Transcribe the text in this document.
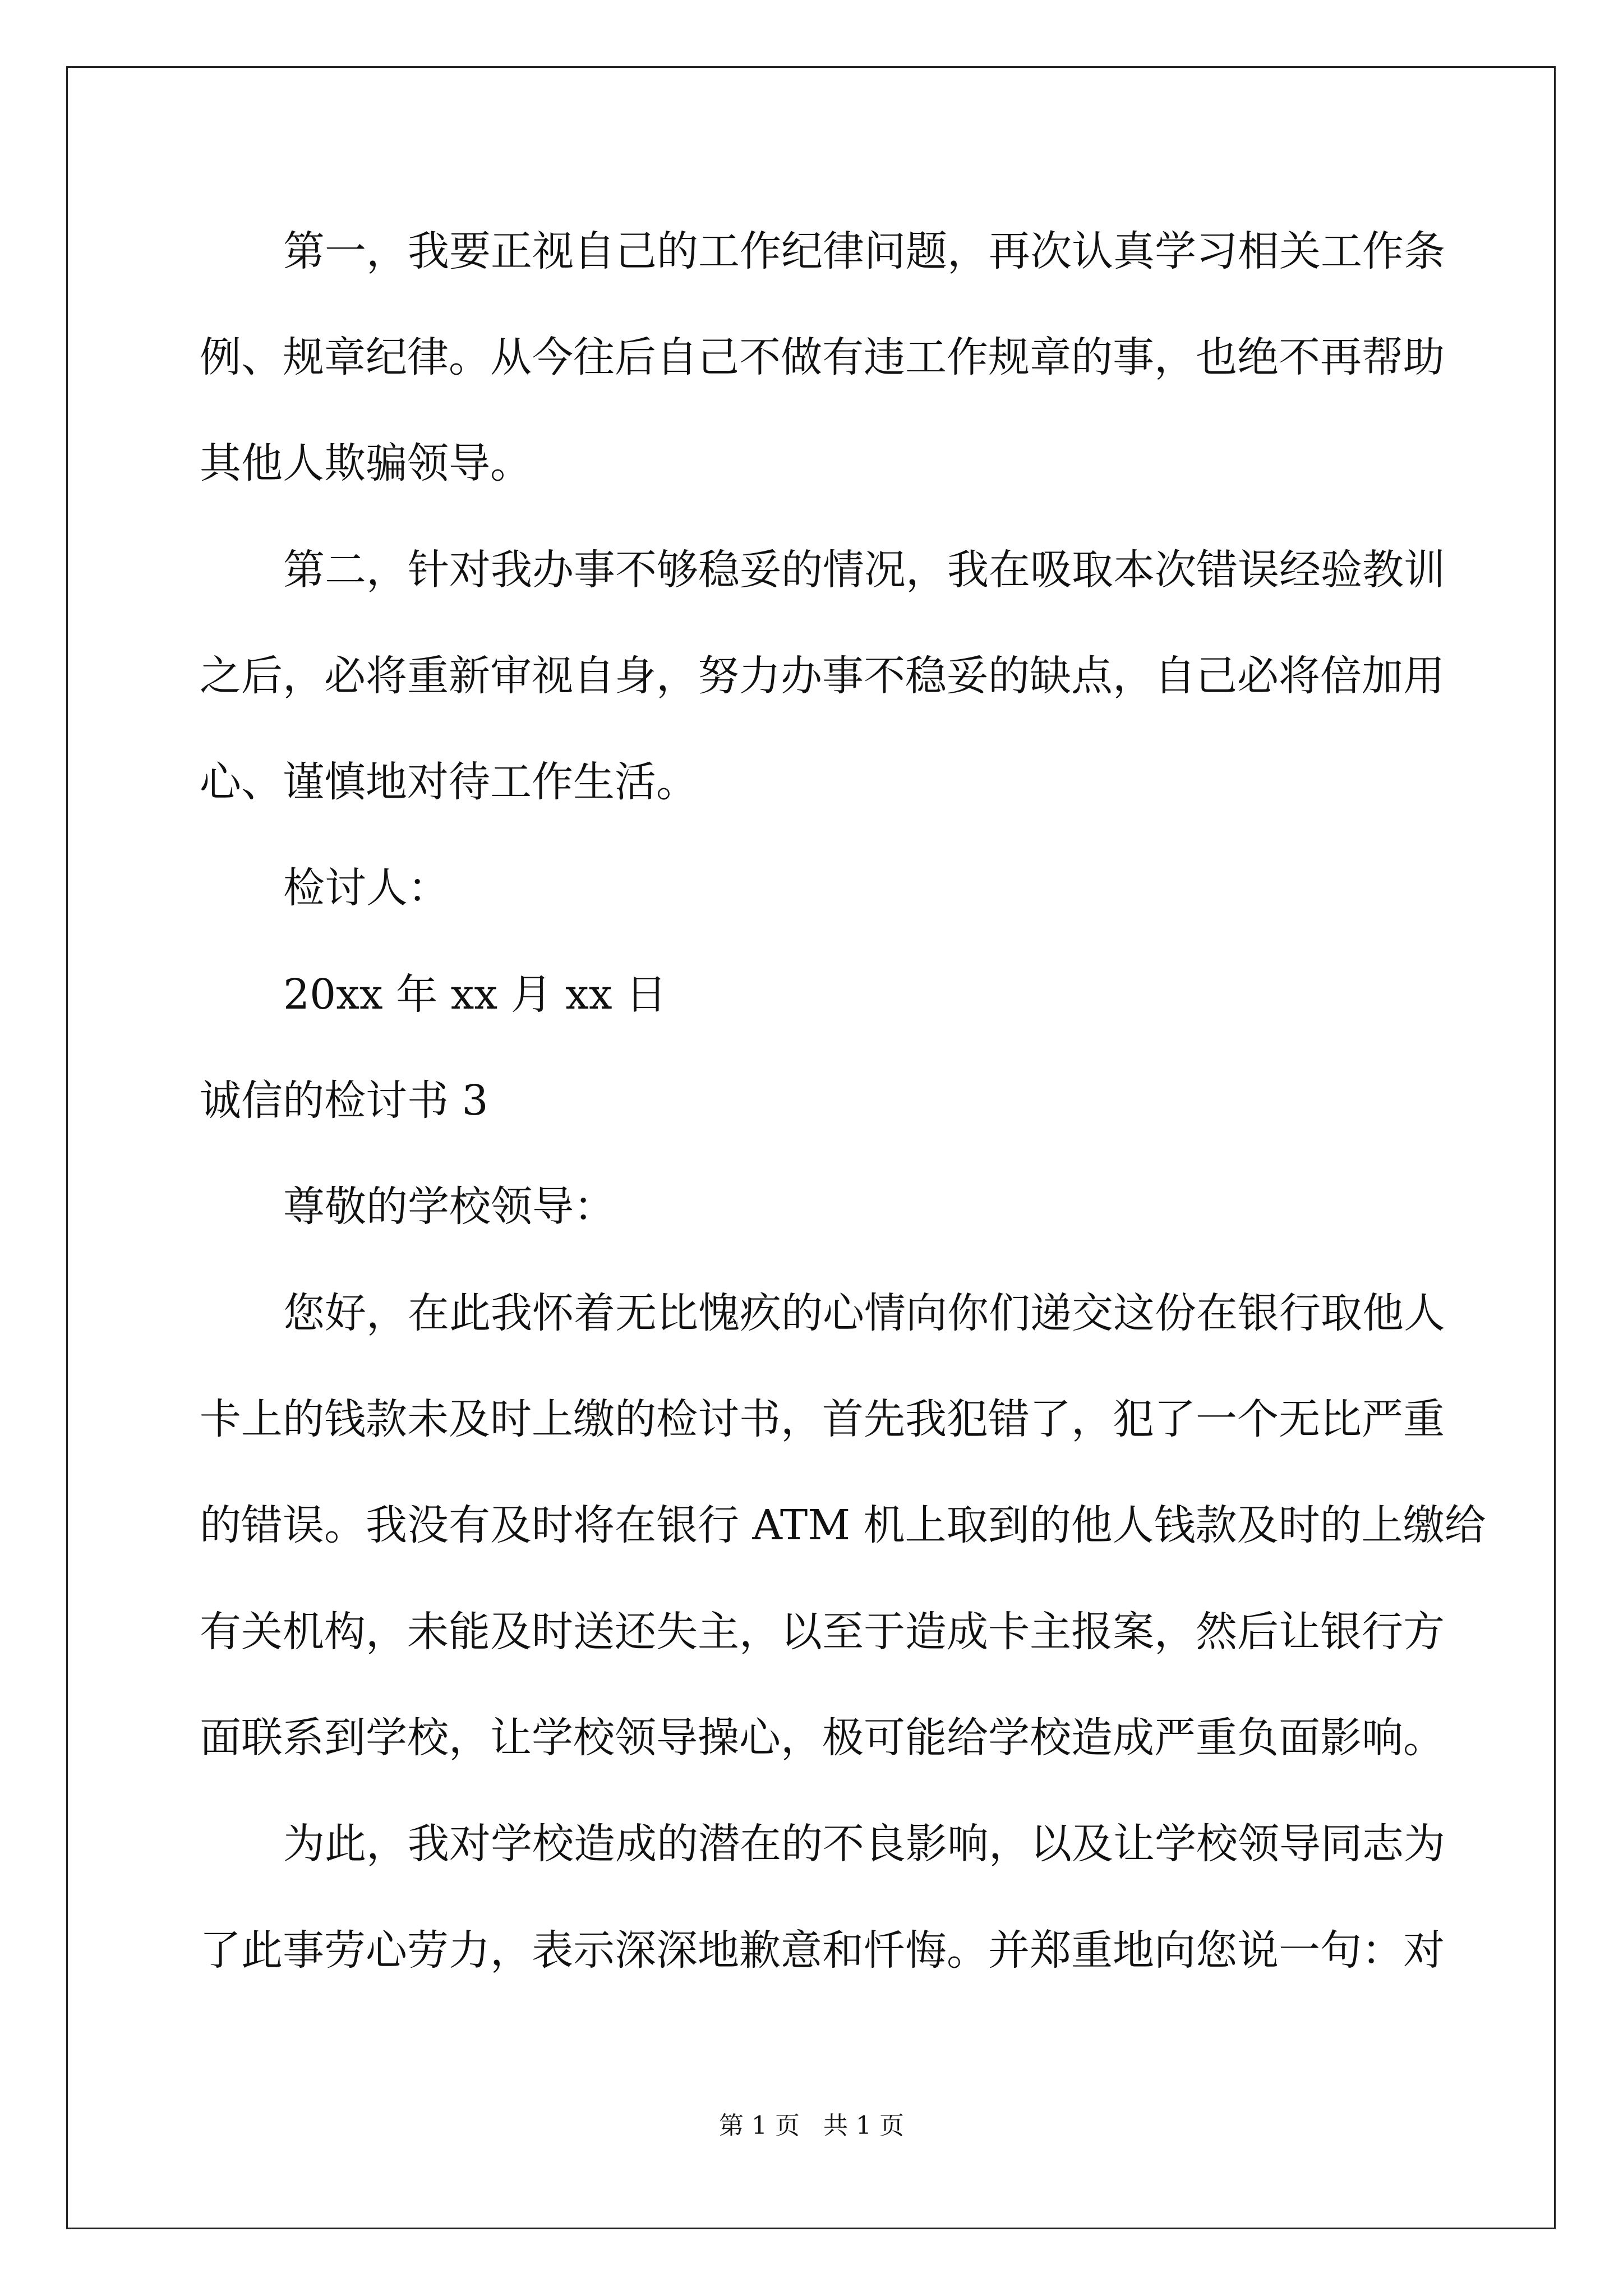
第一，我要正视自己的工作纪律问题，再次认真学习相关工作条
例、规章纪律。从今往后自己不做有违工作规章的事，也绝不再帮助
其他人欺骗领导。
第二，针对我办事不够稳妥的情况，我在吸取本次错误经验教训
之后，必将重新审视自身，努力办事不稳妥的缺点，自己必将倍加用
心、谨慎地对待工作生活。
检讨人：
20xx 年 xx 月 xx 日
诚信的检讨书 3
尊敬的学校领导：
您好，在此我怀着无比愧疚的心情向你们递交这份在银行取他人
卡上的钱款未及时上缴的检讨书，首先我犯错了，犯了一个无比严重
的错误。我没有及时将在银行 ATM 机上取到的他人钱款及时的上缴给
有关机构，未能及时送还失主，以至于造成卡主报案，然后让银行方
面联系到学校，让学校领导操心，极可能给学校造成严重负面影响。
为此，我对学校造成的潜在的不良影响，以及让学校领导同志为
了此事劳心劳力，表示深深地歉意和忏悔。并郑重地向您说一句：对
第 1 页   共 1 页
